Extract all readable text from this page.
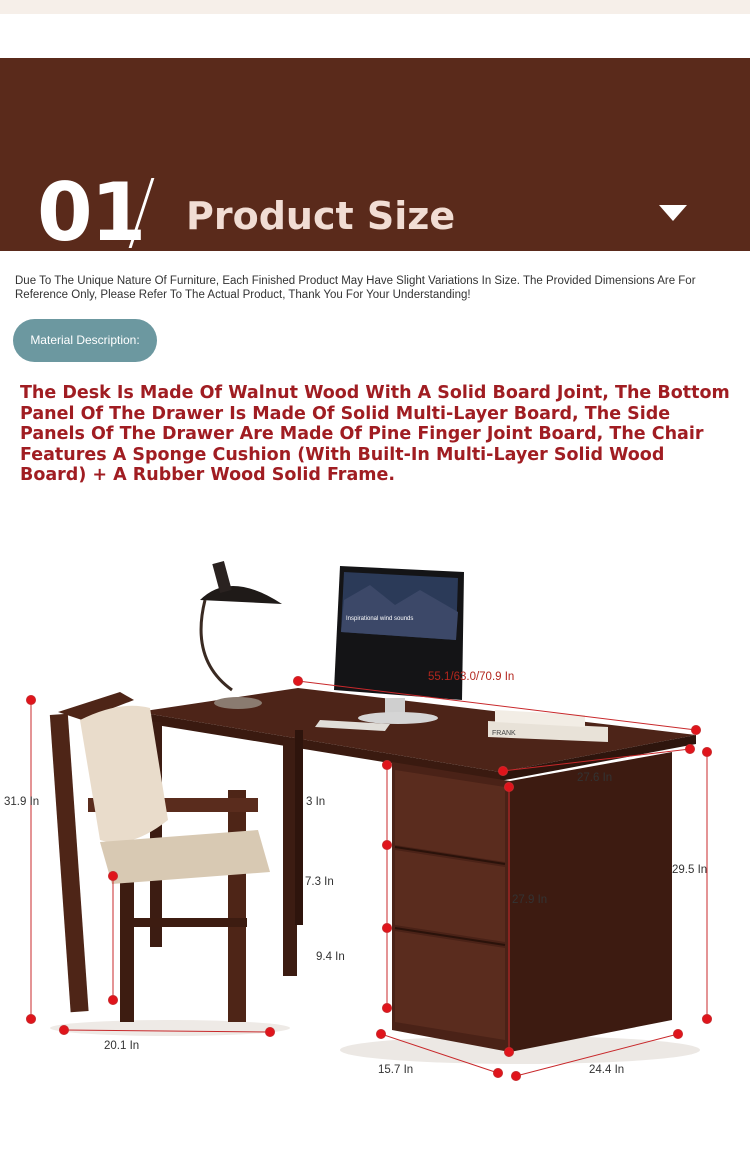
01 Product Size
Due To The Unique Nature Of Furniture, Each Finished Product May Have Slight Variations In Size. The Provided Dimensions Are For Reference Only, Please Refer To The Actual Product, Thank You For Your Understanding!
Material Description:
The Desk Is Made Of Walnut Wood With A Solid Board Joint, The Bottom Panel Of The Drawer Is Made Of Solid Multi-Layer Board, The Side Panels Of The Drawer Are Made Of Pine Finger Joint Board, The Chair Features A Sponge Cushion (With Built-In Multi-Layer Solid Wood Board) + A Rubber Wood Solid Frame.
Inspirational wind sounds
FRANK
55.1/63.0/70.9 In
27.6 In
31.9 In	3 In
7.3 In
9.4 In
27.9 In
29.5 In
20.1 In
15.7 In	24.4 In
